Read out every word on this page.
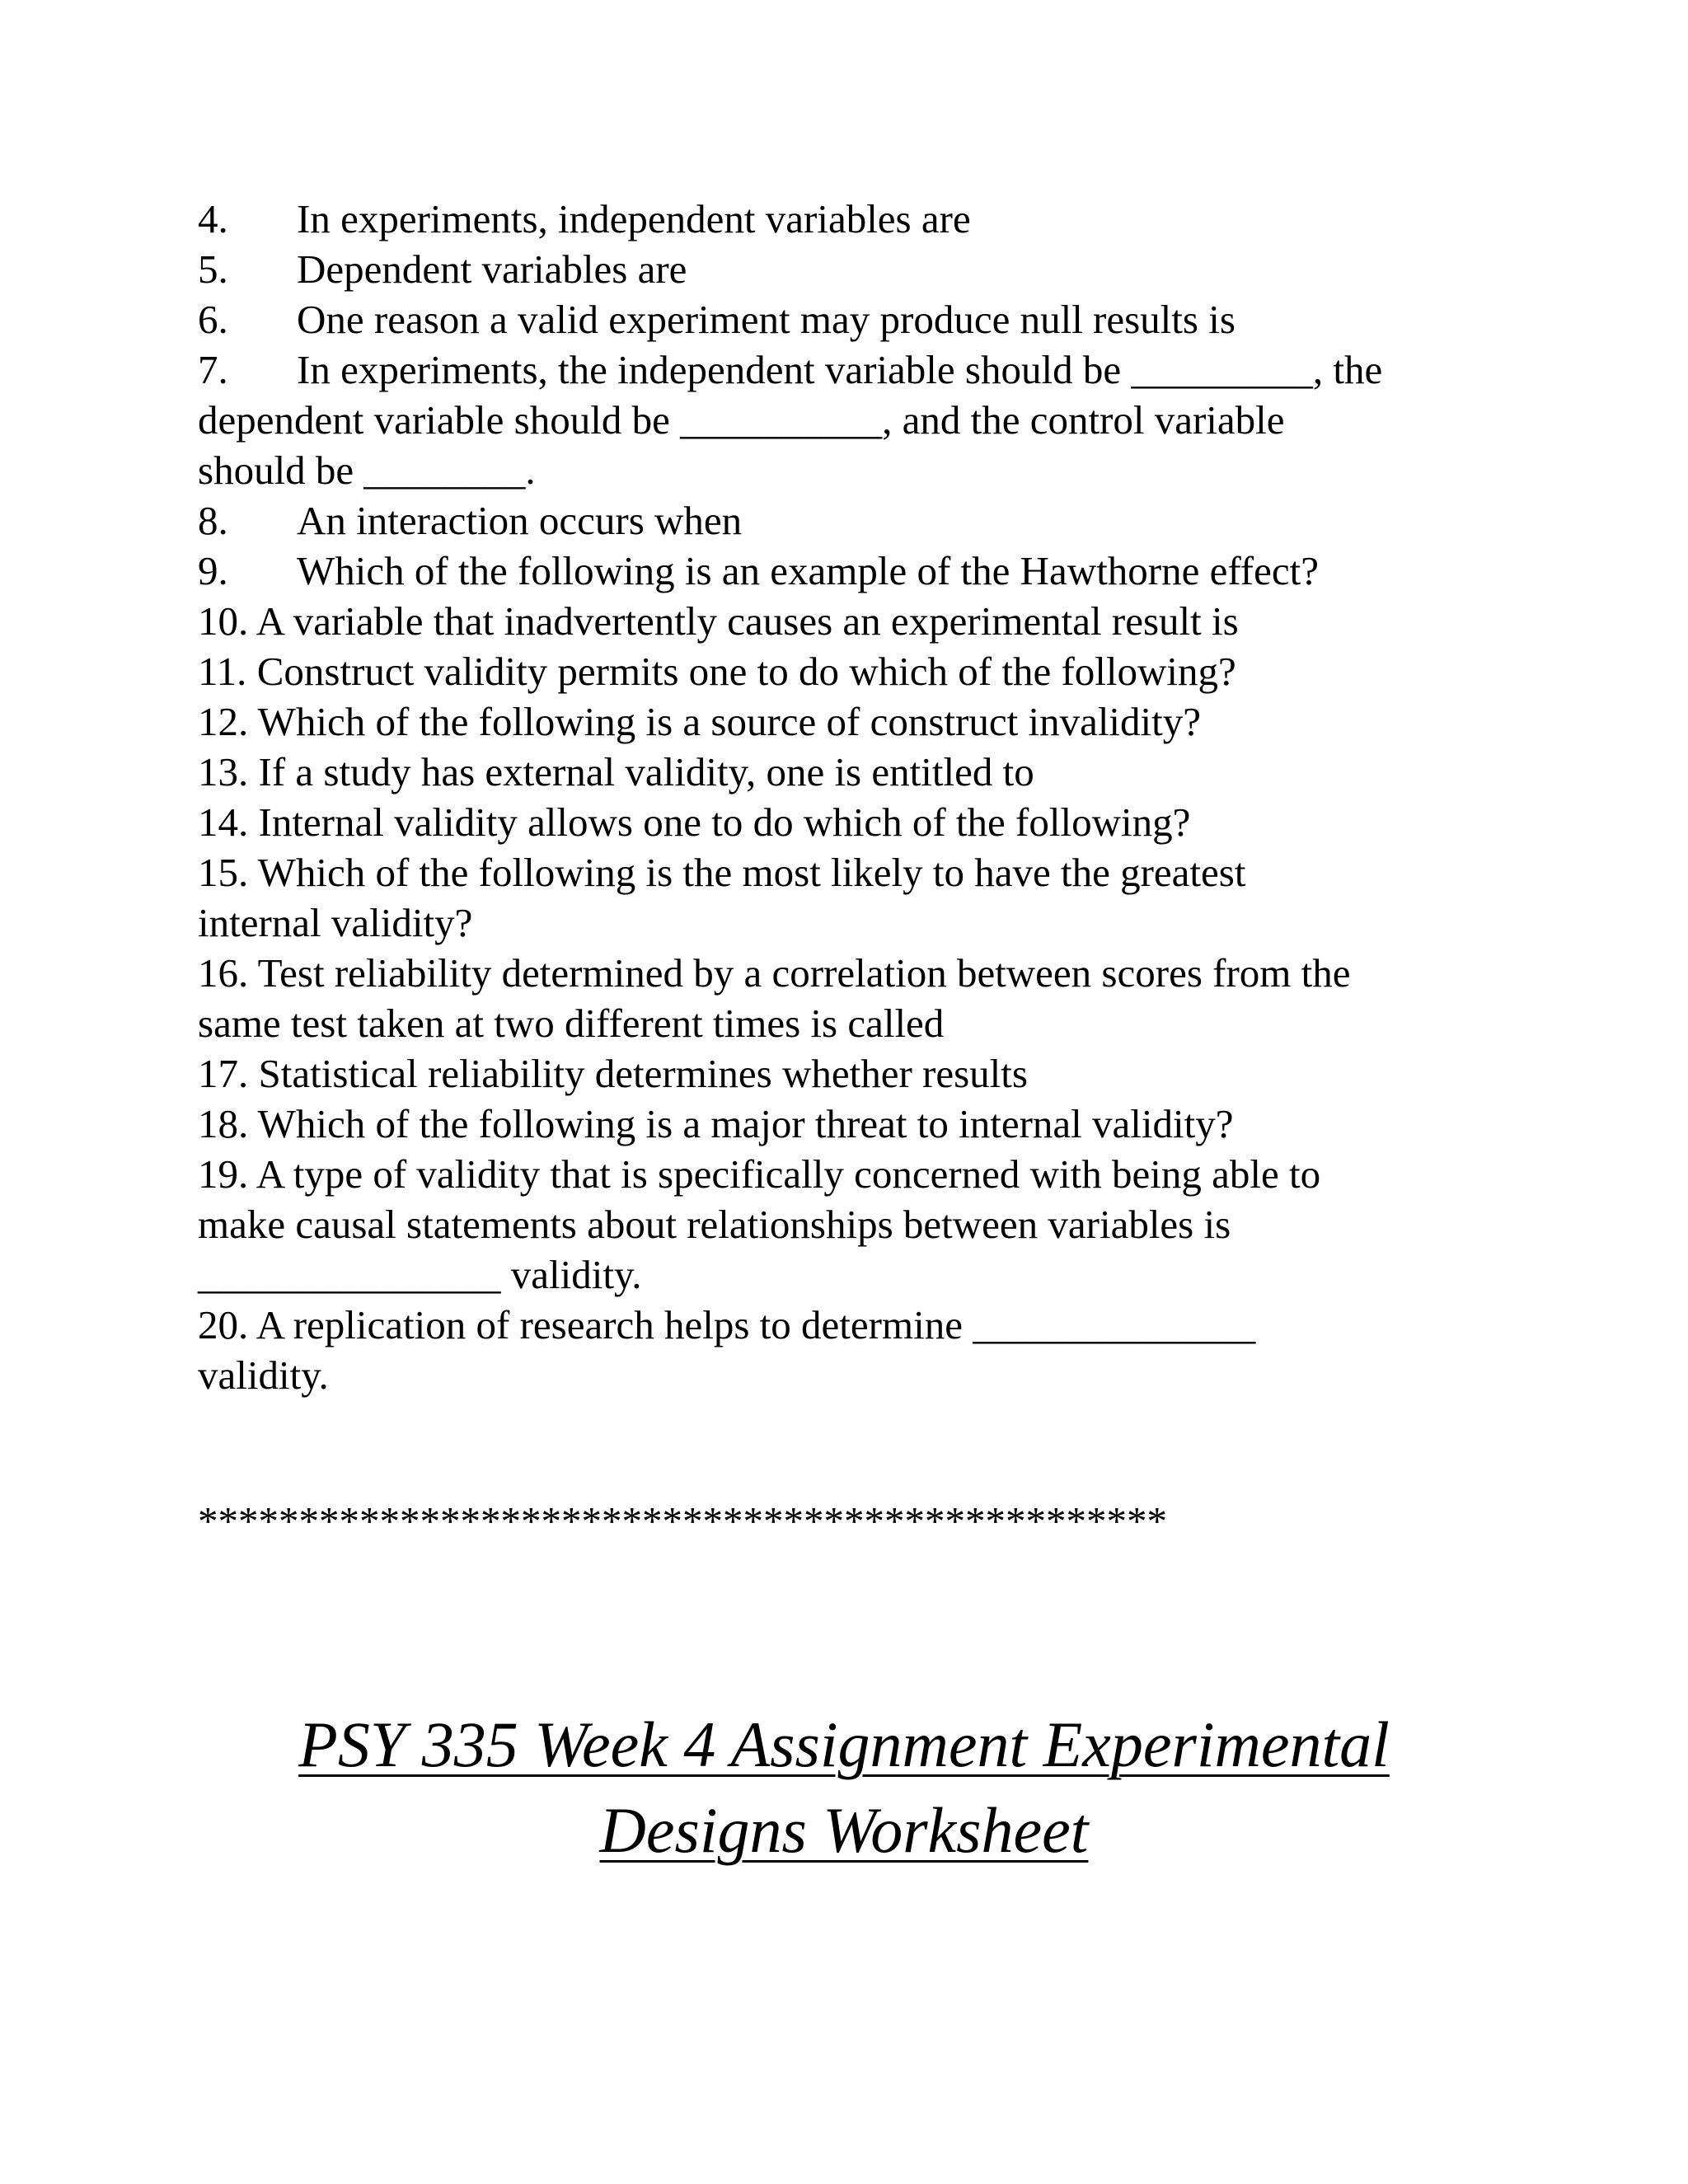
4. In experiments, independent variables are
5. Dependent variables are
6. One reason a valid experiment may produce null results is
7. In experiments, the independent variable should be _________, the
dependent variable should be __________, and the control variable
should be ________.
8. An interaction occurs when
9. Which of the following is an example of the Hawthorne effect?
10. A variable that inadvertently causes an experimental result is
11. Construct validity permits one to do which of the following?
12. Which of the following is a source of construct invalidity?
13. If a study has external validity, one is entitled to
14. Internal validity allows one to do which of the following?
15. Which of the following is the most likely to have the greatest
internal validity?
16. Test reliability determined by a correlation between scores from the
same test taken at two different times is called
17. Statistical reliability determines whether results
18. Which of the following is a major threat to internal validity?
19. A type of validity that is specifically concerned with being able to
make causal statements about relationships between variables is
_______________ validity.
20. A replication of research helps to determine ______________
validity.
************************************************
PSY 335 Week 4 Assignment Experimental
Designs Worksheet
